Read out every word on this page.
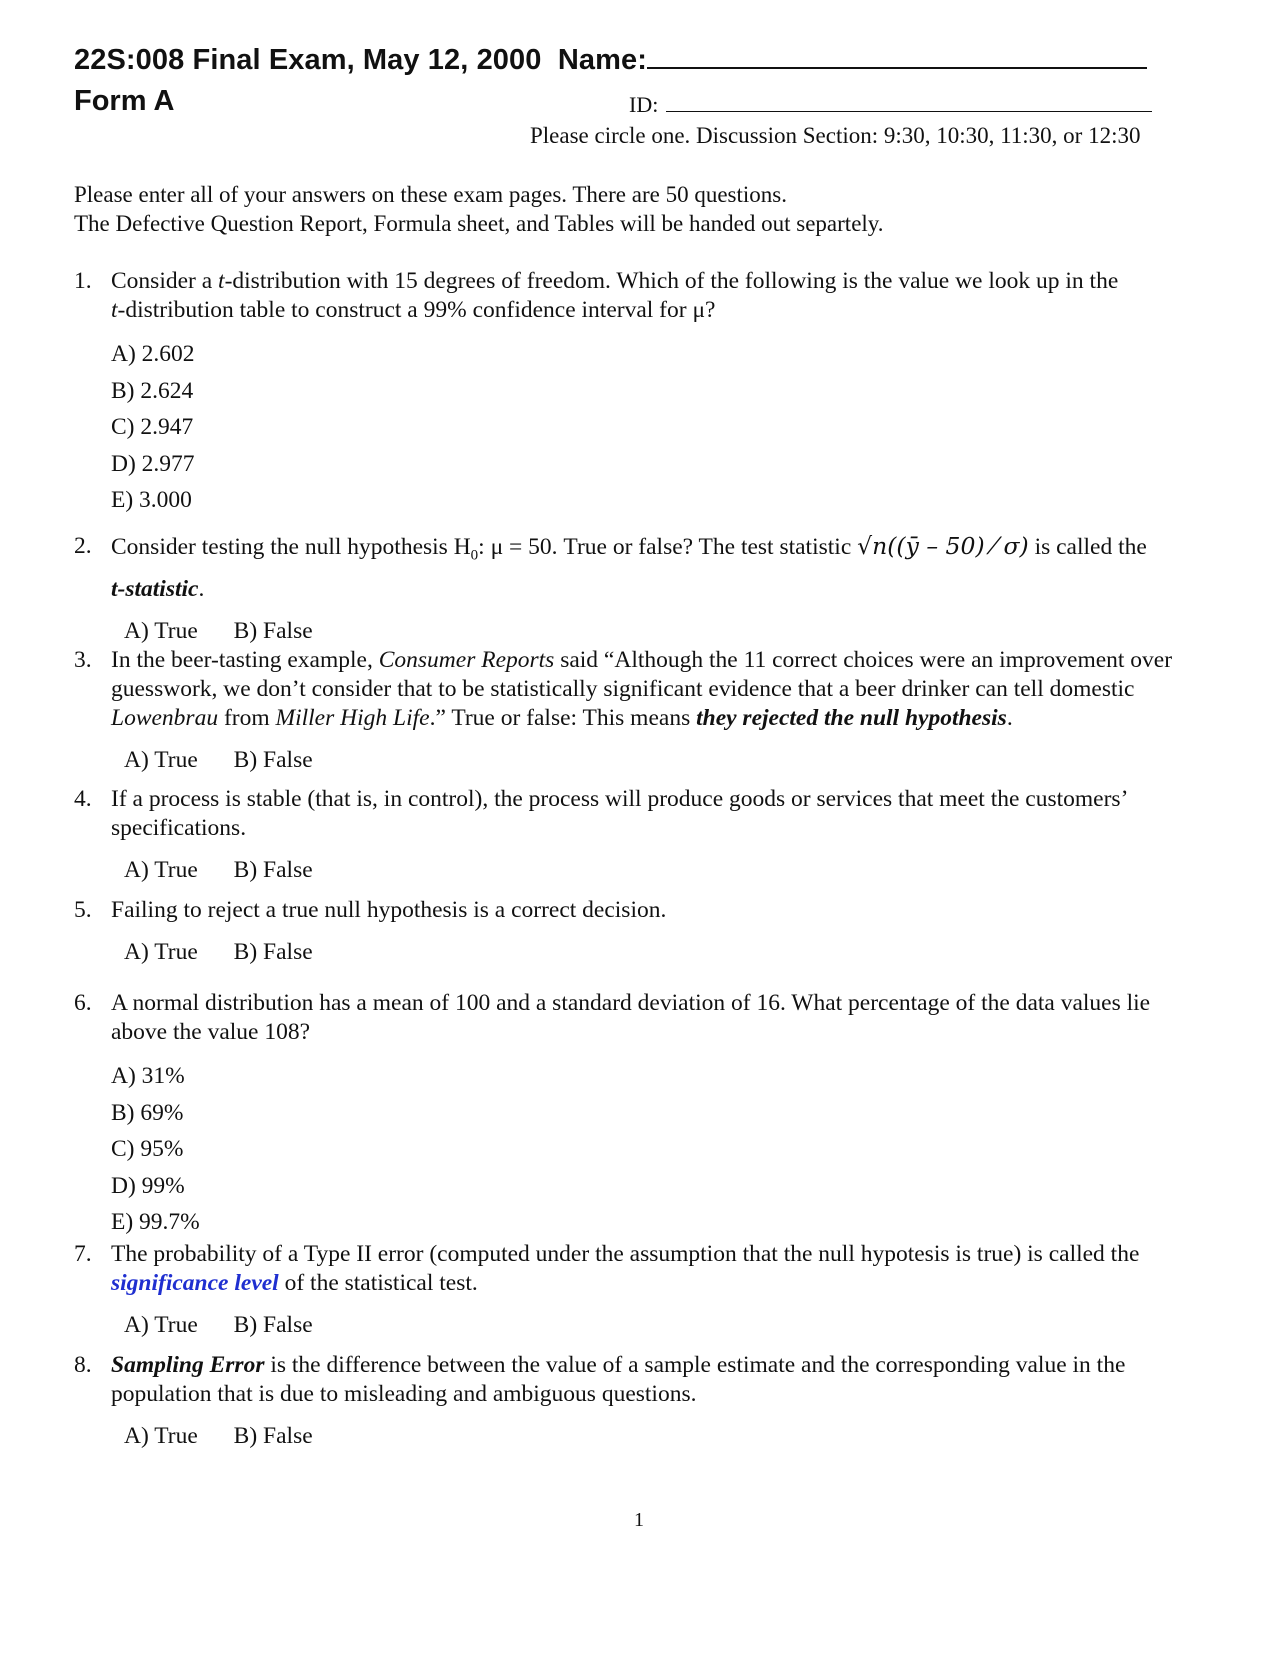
22S:008 Final Exam, May 12, 2000 Name:
Form A	ID:
Please circle one. Discussion Section: 9:30, 10:30, 11:30, or 12:30
Please enter all of your answers on these exam pages. There are 50 questions.
The Defective Question Report, Formula sheet, and Tables will be handed out separtely.
1. Consider a t-distribution with 15 degrees of freedom. Which of the following is the value we look up in the
t-distribution table to construct a 99% confidence interval for μ?
A) 2.602
B) 2.624
C) 2.947
D) 2.977
E) 3.000
2. Consider testing the null hypothesis $H_0$: μ = 50. True or false? The test statistic √n((ȳ – 50) ⁄ σ) is called the
t-statistic.
A) True B) False
3. In the beer-tasting example, Consumer Reports said “Although the 11 correct choices were an improvement over guesswork, we don’t consider that to be statistically significant evidence that a beer drinker can tell domestic Lowenbrau from Miller High Life.” True or false: This means they rejected the null hypothesis.
A) True B) False
4. If a process is stable (that is, in control), the process will produce goods or services that meet the customers’ specifications.
A) True B) False
5. Failing to reject a true null hypothesis is a correct decision.
A) True B) False
6. A normal distribution has a mean of 100 and a standard deviation of 16. What percentage of the data values lie above the value 108?
A) 31%
B) 69%
C) 95%
D) 99%
E) 99.7%
7. The probability of a Type II error (computed under the assumption that the null hypotesis is true) is called the
significance level of the statistical test.
A) True B) False
8. Sampling Error is the difference between the value of a sample estimate and the corresponding value in the population that is due to misleading and ambiguous questions.
A) True B) False
1
